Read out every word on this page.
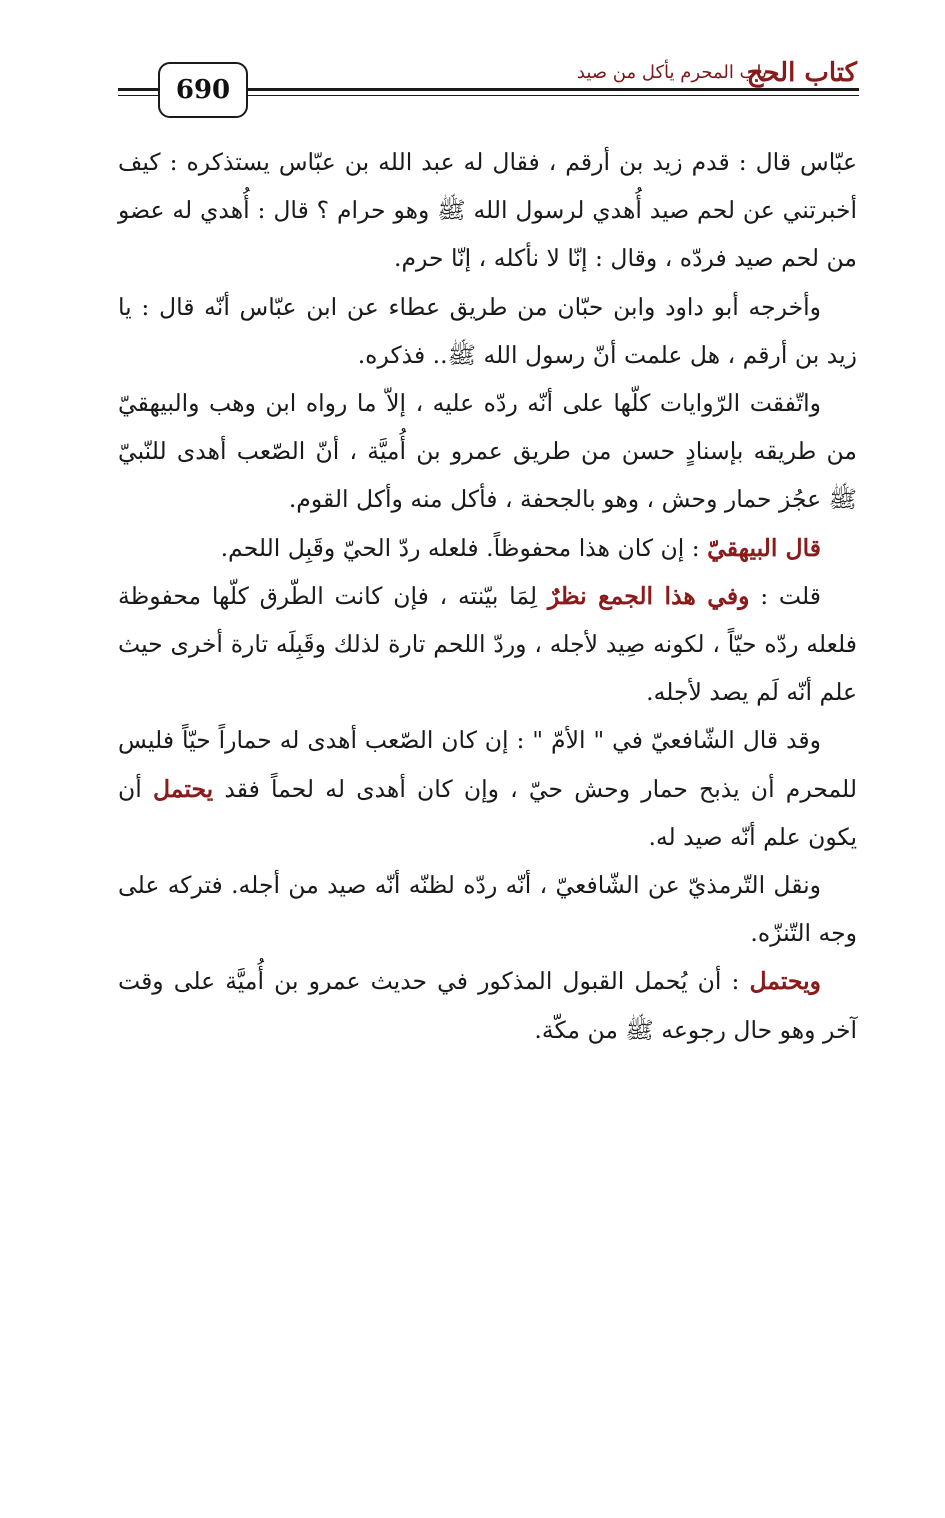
كتاب الحج
باب المحرم يأكل من صيد
690

عبّاس قال : قدم زيد بن أرقم ، فقال له عبد الله بن عبّاس يستذكره : كيف أخبرتني عن لحم صيد أُهدي لرسول الله ﷺ وهو حرام ؟ قال : أُهدي له عضو من لحم صيد فردّه ، وقال : إنّا لا نأكله ، إنّا حرم.

وأخرجه أبو داود وابن حبّان من طريق عطاء عن ابن عبّاس أنّه قال : يا زيد بن أرقم ، هل علمت أنّ رسول الله ﷺ.. فذكره.

واتّفقت الرّوايات كلّها على أنّه ردّه عليه ، إلاّ ما رواه ابن وهب والبيهقيّ من طريقه بإسنادٍ حسن من طريق عمرو بن أُميَّة ، أنّ الصّعب أهدى للنّبيّ ﷺ عجُز حمار وحش ، وهو بالجحفة ، فأكل منه وأكل القوم.

قال البيهقيّ : إن كان هذا محفوظاً. فلعله ردّ الحيّ وقَبِل اللحم.

قلت : وفي هذا الجمع نظرٌ لِمَا بيّنته ، فإن كانت الطّرق كلّها محفوظة فلعله ردّه حيّاً ، لكونه صِيد لأجله ، وردّ اللحم تارة لذلك وقَبِلَه تارة أخرى حيث علم أنّه لَم يصد لأجله.

وقد قال الشّافعيّ في " الأمّ " : إن كان الصّعب أهدى له حماراً حيّاً فليس للمحرم أن يذبح حمار وحش حيّ ، وإن كان أهدى له لحماً فقد يحتمل أن يكون علم أنّه صيد له.

ونقل التّرمذيّ عن الشّافعيّ ، أنّه ردّه لظنّه أنّه صيد من أجله. فتركه على وجه التّنزّه.

ويحتمل : أن يُحمل القبول المذكور في حديث عمرو بن أُميَّة على وقت آخر وهو حال رجوعه ﷺ من مكّة.
